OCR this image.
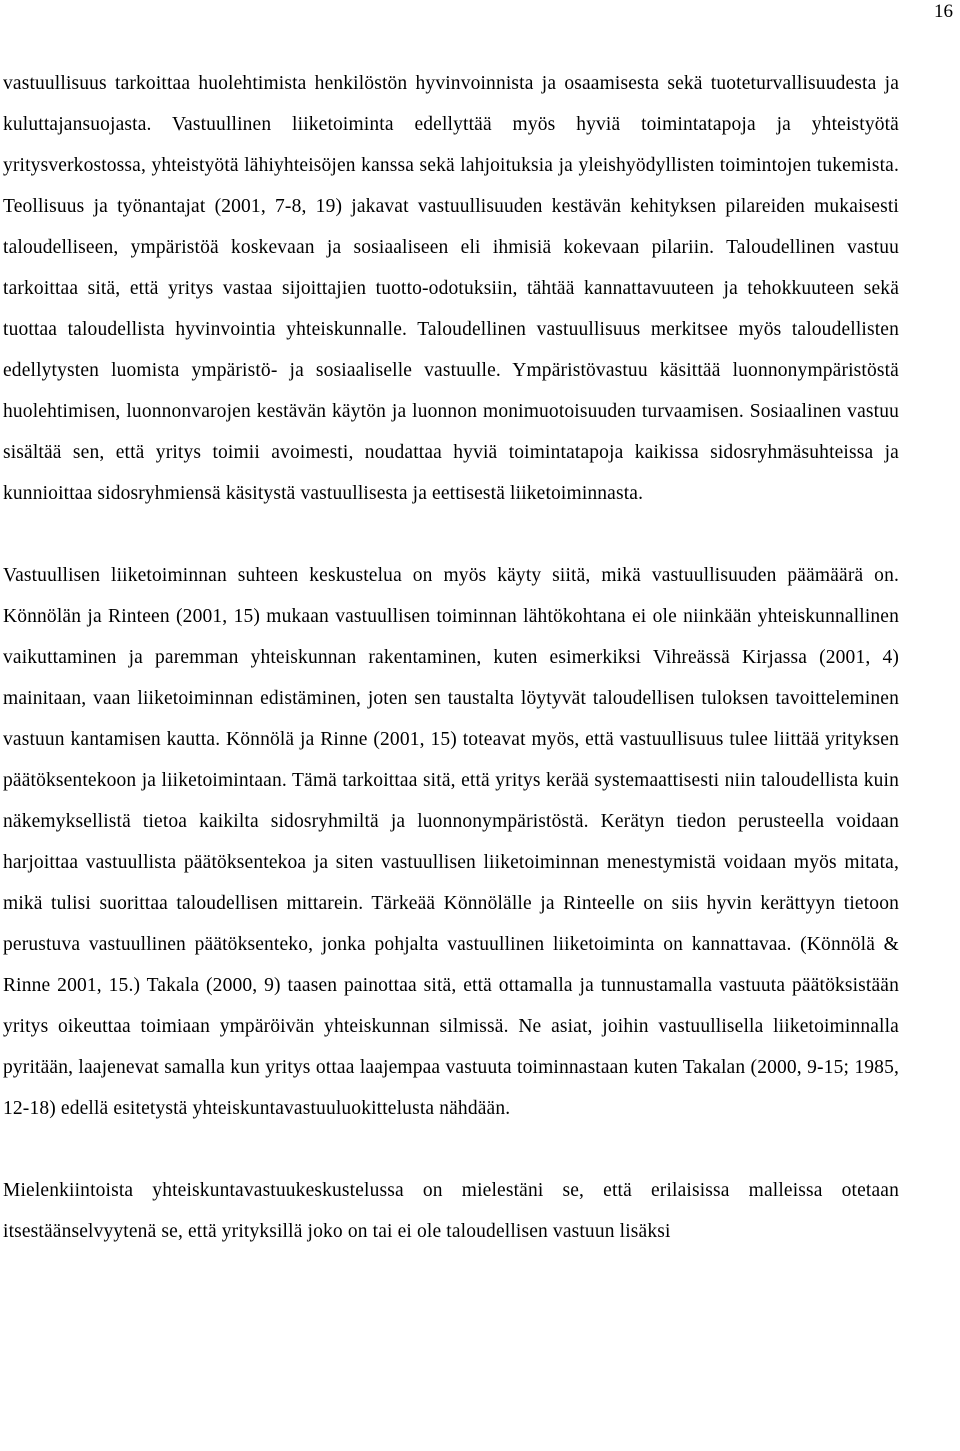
16

vastuullisuus tarkoittaa huolehtimista henkilöstön hyvinvoinnista ja osaamisesta sekä tuoteturvallisuudesta ja kuluttajansuojasta. Vastuullinen liiketoiminta edellyttää myös hyviä toimintatapoja ja yhteistyötä yritysverkostossa, yhteistyötä lähiyhteisöjen kanssa sekä lahjoituksia ja yleishyödyllisten toimintojen tukemista. Teollisuus ja työnantajat (2001, 7-8, 19) jakavat vastuullisuuden kestävän kehityksen pilareiden mukaisesti taloudelliseen, ympäristöä koskevaan ja sosiaaliseen eli ihmisiä kokevaan pilariin. Taloudellinen vastuu tarkoittaa sitä, että yritys vastaa sijoittajien tuotto-odotuksiin, tähtää kannattavuuteen ja tehokkuuteen sekä tuottaa taloudellista hyvinvointia yhteiskunnalle. Taloudellinen vastuullisuus merkitsee myös taloudellisten edellytysten luomista ympäristö- ja sosiaaliselle vastuulle. Ympäristövastuu käsittää luonnonympäristöstä huolehtimisen, luonnonvarojen kestävän käytön ja luonnon monimuotoisuuden turvaamisen. Sosiaalinen vastuu sisältää sen, että yritys toimii avoimesti, noudattaa hyviä toimintatapoja kaikissa sidosryhmäsuhteissa ja kunnioittaa sidosryhmiensä käsitystä vastuullisesta ja eettisestä liiketoiminnasta.

Vastuullisen liiketoiminnan suhteen keskustelua on myös käyty siitä, mikä vastuullisuuden päämäärä on. Könnölän ja Rinteen (2001, 15) mukaan vastuullisen toiminnan lähtökohtana ei ole niinkään yhteiskunnallinen vaikuttaminen ja paremman yhteiskunnan rakentaminen, kuten esimerkiksi Vihreässä Kirjassa (2001, 4) mainitaan, vaan liiketoiminnan edistäminen, joten sen taustalta löytyvät taloudellisen tuloksen tavoitteleminen vastuun kantamisen kautta. Könnölä ja Rinne (2001, 15) toteavat myös, että vastuullisuus tulee liittää yrityksen päätöksentekoon ja liiketoimintaan. Tämä tarkoittaa sitä, että yritys kerää systemaattisesti niin taloudellista kuin näkemyksellistä tietoa kaikilta sidosryhmiltä ja luonnonympäristöstä. Kerätyn tiedon perusteella voidaan harjoittaa vastuullista päätöksentekoa ja siten vastuullisen liiketoiminnan menestymistä voidaan myös mitata, mikä tulisi suorittaa taloudellisen mittarein. Tärkeää Könnölälle ja Rinteelle on siis hyvin kerättyyn tietoon perustuva vastuullinen päätöksenteko, jonka pohjalta vastuullinen liiketoiminta on kannattavaa. (Könnölä & Rinne 2001, 15.) Takala (2000, 9) taasen painottaa sitä, että ottamalla ja tunnustamalla vastuuta päätöksistään yritys oikeuttaa toimiaan ympäröivän yhteiskunnan silmissä. Ne asiat, joihin vastuullisella liiketoiminnalla pyritään, laajenevat samalla kun yritys ottaa laajempaa vastuuta toiminnastaan kuten Takalan (2000, 9-15; 1985, 12-18) edellä esitetystä yhteiskuntavastuuluokittelusta nähdään.

Mielenkiintoista yhteiskuntavastuukeskustelussa on mielestäni se, että erilaisissa malleissa otetaan itsestäänselvyytenä se, että yrityksillä joko on tai ei ole taloudellisen vastuun lisäksi
